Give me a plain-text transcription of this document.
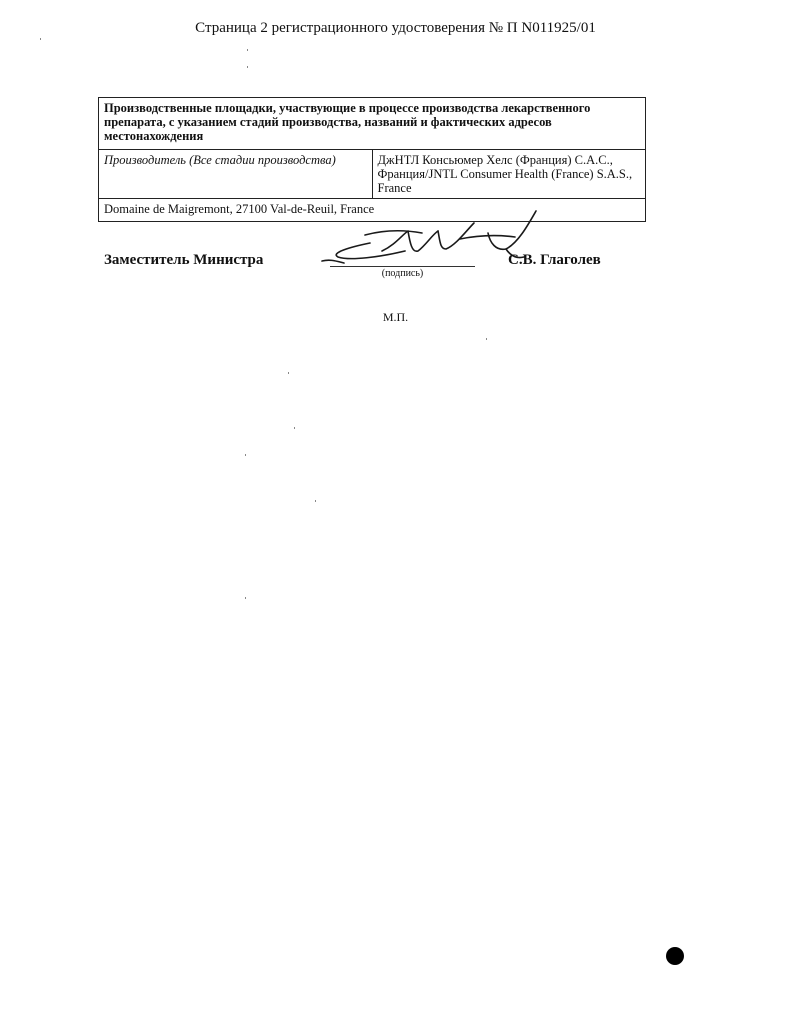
Страница 2 регистрационного удостоверения № П N011925/01
Производственные площадки, участвующие в процессе производства лекарственного препарата, с указанием стадий производства, названий и фактических адресов местонахождения
Производитель (Все стадии производства)	ДжНТЛ Консьюмер Хелс (Франция) С.А.С., Франция/JNTL Consumer Health (France) S.A.S., France
Domaine de Maigremont, 27100 Val-de-Reuil, France
Заместитель Министра
(подпись)
С.В. Глаголев
М.П.
